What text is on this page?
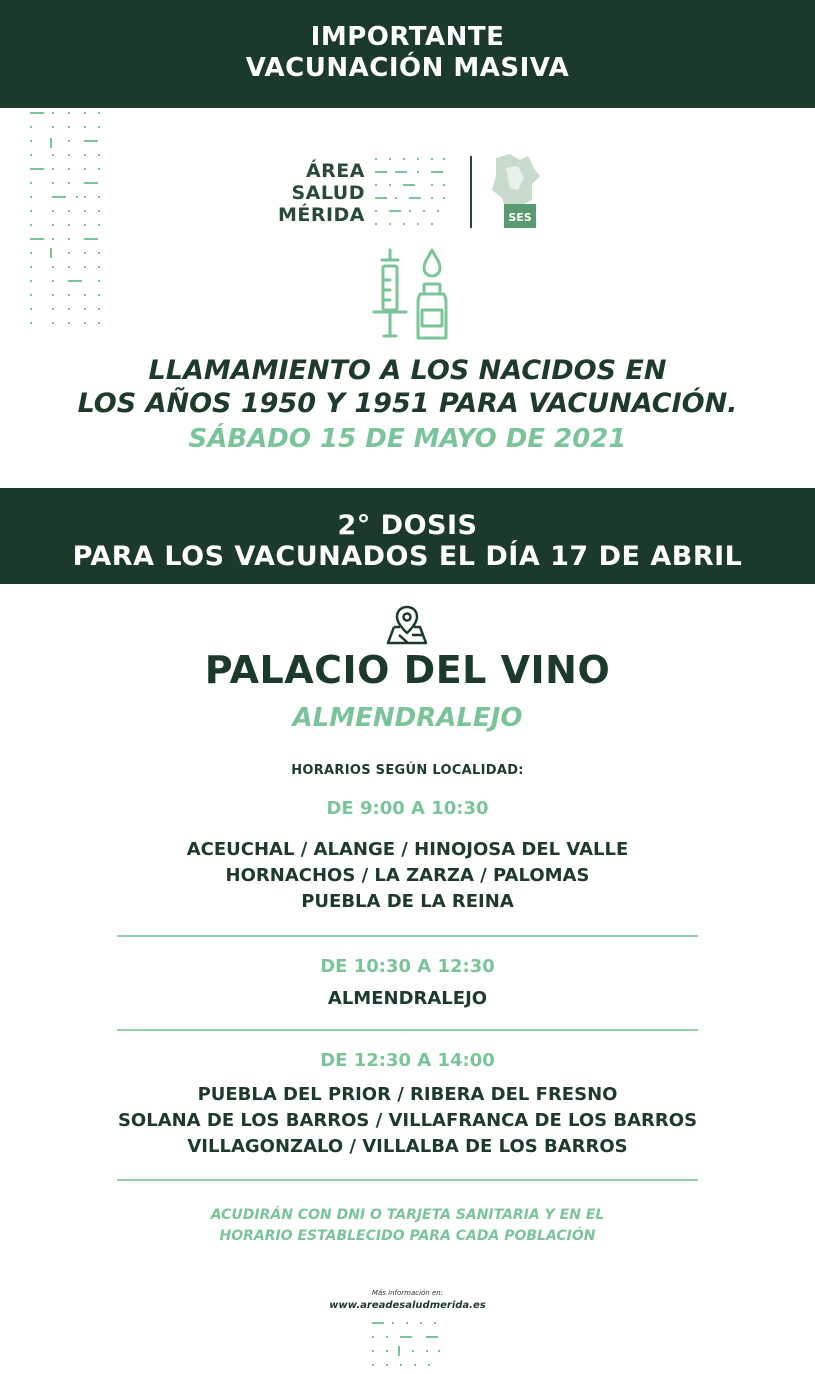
IMPORTANTE
VACUNACIÓN MASIVA
ÁREA
SALUD
MÉRIDA	SES
LLAMAMIENTO A LOS NACIDOS EN
LOS AÑOS 1950 Y 1951 PARA VACUNACIÓN.
SÁBADO 15 DE MAYO DE 2021
2° DOSIS
PARA LOS VACUNADOS EL DÍA 17 DE ABRIL
PALACIO DEL VINO
ALMENDRALEJO
HORARIOS SEGÚN LOCALIDAD:
DE 9:00 A 10:30
ACEUCHAL / ALANGE / HINOJOSA DEL VALLE
HORNACHOS / LA ZARZA / PALOMAS
PUEBLA DE LA REINA
DE 10:30 A 12:30
ALMENDRALEJO
DE 12:30 A 14:00
PUEBLA DEL PRIOR / RIBERA DEL FRESNO
SOLANA DE LOS BARROS / VILLAFRANCA DE LOS BARROS
VILLAGONZALO / VILLALBA DE LOS BARROS
ACUDIRÁN CON DNI O TARJETA SANITARIA Y EN EL
HORARIO ESTABLECIDO PARA CADA POBLACIÓN
Más información en:
www.areadesaludmerida.es
